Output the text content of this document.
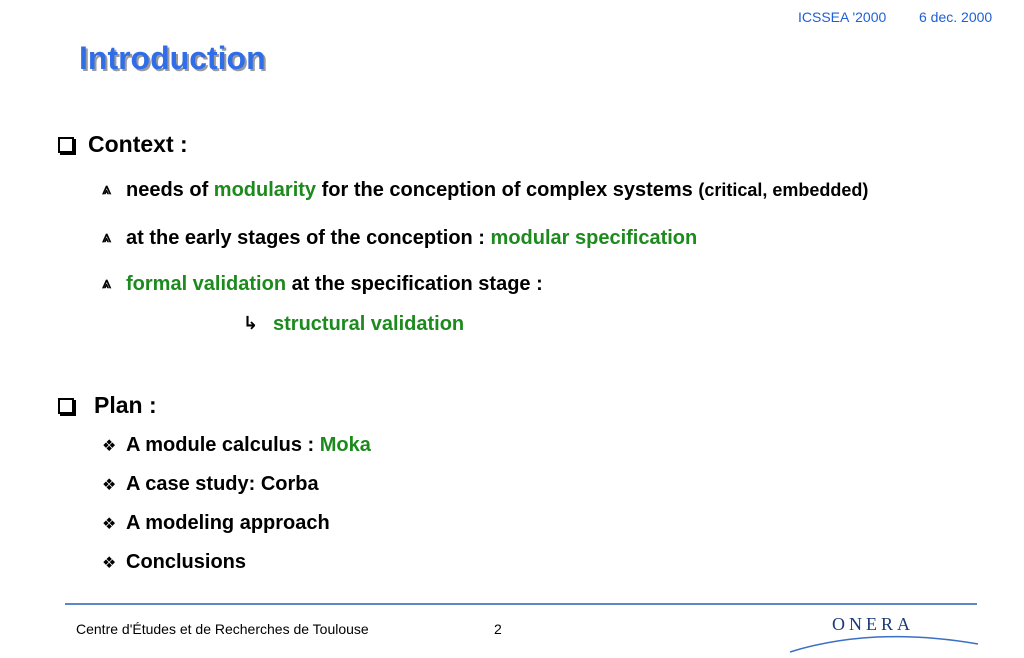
ICSSEA '2000 6 dec. 2000
Introduction
Context :
⩓ needs of modularity for the conception of complex systems (critical, embedded)
⩓ at the early stages of the conception : modular specification
⩓ formal validation at the specification stage :
↳ structural validation
Plan :
❖ A module calculus : Moka
❖ A case study: Corba
❖ A modeling approach
❖ Conclusions
Centre d'Études et de Recherches de Toulouse	2	ONERA
